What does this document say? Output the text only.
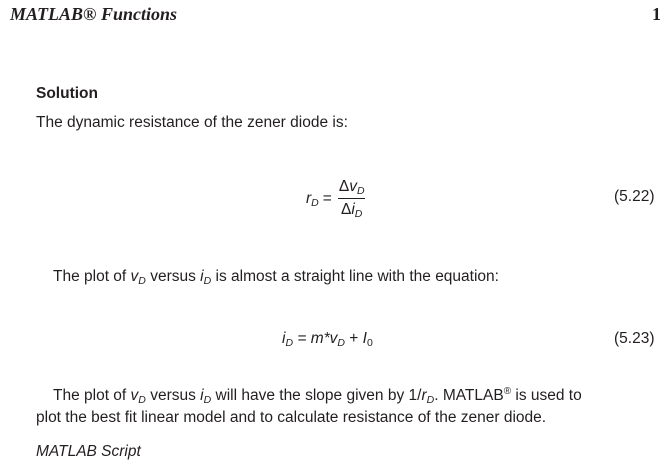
MATLAB® Functions	1
Solution
The dynamic resistance of the zener diode is:
$r_D = \frac{\Delta v_D}{\Delta i_D}$	(5.22)
The plot of $v_D$ versus $i_D$ is almost a straight line with the equation:
$i_D = m*v_D + I_0$	(5.23)
The plot of $v_D$ versus $i_D$ will have the slope given by $1/r_D$. MATLAB® is used to
plot the best fit linear model and to calculate resistance of the zener diode.
MATLAB Script
